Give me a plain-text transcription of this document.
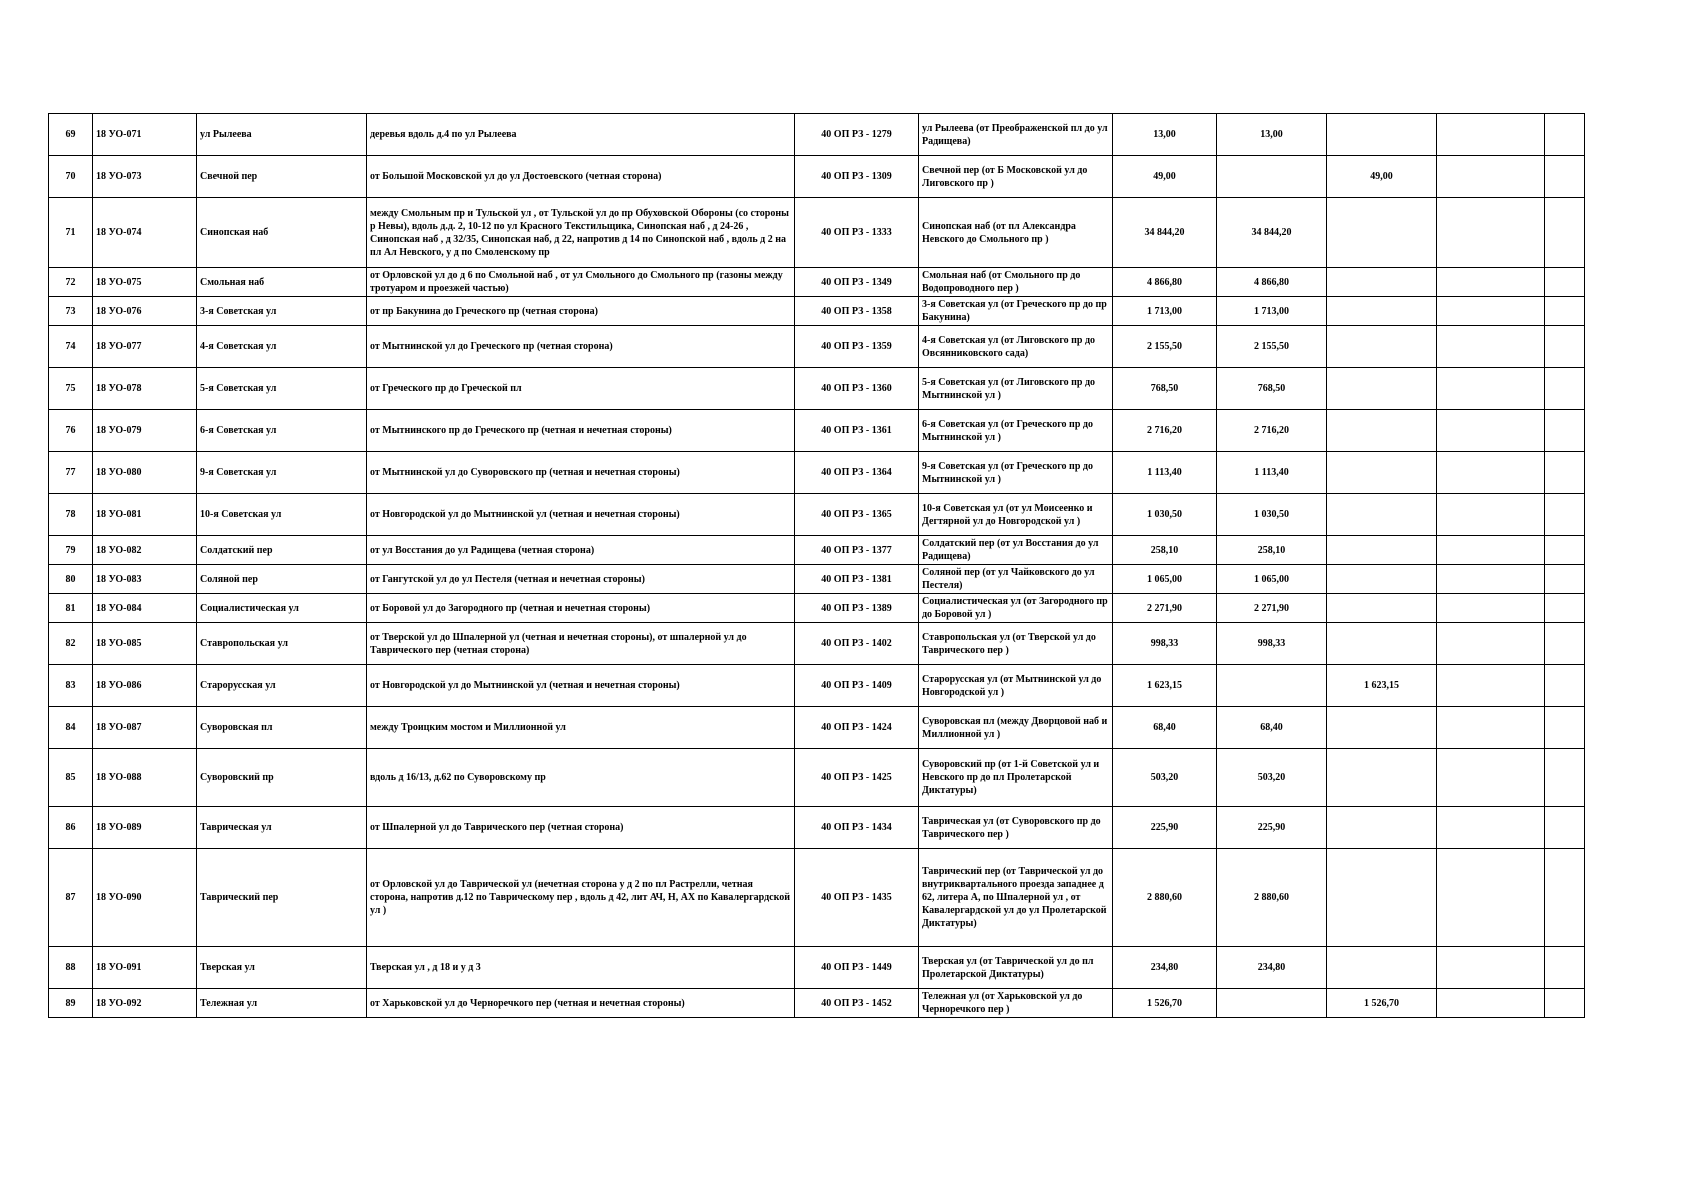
69	18 УО-071	ул Рылеева	деревья вдоль д.4 по ул Рылеева	40 ОП РЗ - 1279	ул Рылеева (от Преображенской пл до ул Радищева)	13,00	13,00			
70	18 УО-073	Свечной пер	от Большой Московской ул до ул Достоевского (четная сторона)	40 ОП РЗ - 1309	Свечной пер (от Б Московской ул до Лиговского пр )	49,00		49,00		
71	18 УО-074	Синопская наб	между Смольным пр и Тульской ул , от Тульской ул до пр Обуховской Обороны (со стороны р Невы), вдоль д.д. 2, 10-12 по ул Красного Текстильщика, Синопская наб , д 24-26 , Синопская наб , д 32/35, Синопская наб, д 22, напротив д 14 по Синопской наб , вдоль д 2 на пл Ал Невского, у д по Смоленскому пр	40 ОП РЗ - 1333	Синопская наб (от пл Александра Невского до Смольного пр )	34 844,20	34 844,20			
72	18 УО-075	Смольная наб	от Орловской ул до д 6 по Смольной наб , от ул Смольного до Смольного пр (газоны между тротуаром и проезжей частью)	40 ОП РЗ - 1349	Смольная наб (от Смольного пр до Водопроводного пер )	4 866,80	4 866,80			
73	18 УО-076	3-я Советская ул	от пр Бакунина до Греческого пр (четная сторона)	40 ОП РЗ - 1358	3-я Советская ул (от Греческого пр до пр Бакунина)	1 713,00	1 713,00			
74	18 УО-077	4-я Советская ул	от Мытнинской ул до Греческого пр (четная сторона)	40 ОП РЗ - 1359	4-я Советская ул (от Лиговского пр до Овсянниковского сада)	2 155,50	2 155,50			
75	18 УО-078	5-я Советская ул	от Греческого пр до Греческой пл	40 ОП РЗ - 1360	5-я Советская ул (от Лиговского пр до Мытнинской ул )	768,50	768,50			
76	18 УО-079	6-я Советская ул	от Мытнинского пр до Греческого пр (четная и нечетная стороны)	40 ОП РЗ - 1361	6-я Советская ул (от Греческого пр до Мытнинской ул )	2 716,20	2 716,20			
77	18 УО-080	9-я Советская ул	от Мытнинской ул до Суворовского пр (четная и нечетная стороны)	40 ОП РЗ - 1364	9-я Советская ул (от Греческого пр до Мытнинской ул )	1 113,40	1 113,40			
78	18 УО-081	10-я Советская ул	от Новгородской ул до Мытнинской ул (четная и нечетная стороны)	40 ОП РЗ - 1365	10-я Советская ул (от ул Моисеенко и Дегтярной ул до Новгородской ул )	1 030,50	1 030,50			
79	18 УО-082	Солдатский пер	от ул Восстания до ул Радищева (четная сторона)	40 ОП РЗ - 1377	Солдатский пер (от ул Восстания до ул Радищева)	258,10	258,10			
80	18 УО-083	Соляной пер	от Гангутской ул до ул Пестеля (четная и нечетная стороны)	40 ОП РЗ - 1381	Соляной пер (от ул Чайковского до ул Пестеля)	1 065,00	1 065,00			
81	18 УО-084	Социалистическая ул	от Боровой ул до Загородного пр (четная и нечетная стороны)	40 ОП РЗ - 1389	Социалистическая ул (от Загородного пр до Боровой ул )	2 271,90	2 271,90			
82	18 УО-085	Ставропольская ул	от Тверской ул до Шпалерной ул (четная и нечетная стороны), от шпалерной ул до Таврического пер (четная сторона)	40 ОП РЗ - 1402	Ставропольская ул (от Тверской ул до Таврического пер )	998,33	998,33			
83	18 УО-086	Старорусская ул	от Новгородской ул до Мытнинской ул (четная и нечетная стороны)	40 ОП РЗ - 1409	Старорусская ул (от Мытнинской ул до Новгородской ул )	1 623,15		1 623,15		
84	18 УО-087	Суворовская пл	между Троицким мостом и Миллионной ул	40 ОП РЗ - 1424	Суворовская пл (между Дворцовой наб и Миллионной ул )	68,40	68,40			
85	18 УО-088	Суворовский пр	вдоль д 16/13, д.62 по Суворовскому пр	40 ОП РЗ - 1425	Суворовский пр (от 1-й Советской ул и Невского пр до пл Пролетарской Диктатуры)	503,20	503,20			
86	18 УО-089	Таврическая ул	от Шпалерной ул до Таврического пер (четная сторона)	40 ОП РЗ - 1434	Таврическая ул (от Суворовского пр до Таврического пер )	225,90	225,90			
87	18 УО-090	Таврический пер	от Орловской ул до Таврической ул (нечетная сторона у д 2 по пл Растрелли, четная сторона, напротив д.12 по Таврическому пер , вдоль д 42, лит АЧ, Н, АХ по Кавалергардской ул )	40 ОП РЗ - 1435	Таврический пер (от Таврической ул до внутриквартального проезда западнее д 62, литера А, по Шпалерной ул , от Кавалергардской ул до ул Пролетарской Диктатуры)	2 880,60	2 880,60			
88	18 УО-091	Тверская ул	Тверская ул , д 18 и у д 3	40 ОП РЗ - 1449	Тверская ул (от Таврической ул до пл Пролетарской Диктатуры)	234,80	234,80			
89	18 УО-092	Тележная ул	от Харьковской ул до Черноречкого пер (четная и нечетная стороны)	40 ОП РЗ - 1452	Тележная ул (от Харьковской ул до Черноречкого пер )	1 526,70		1 526,70		
